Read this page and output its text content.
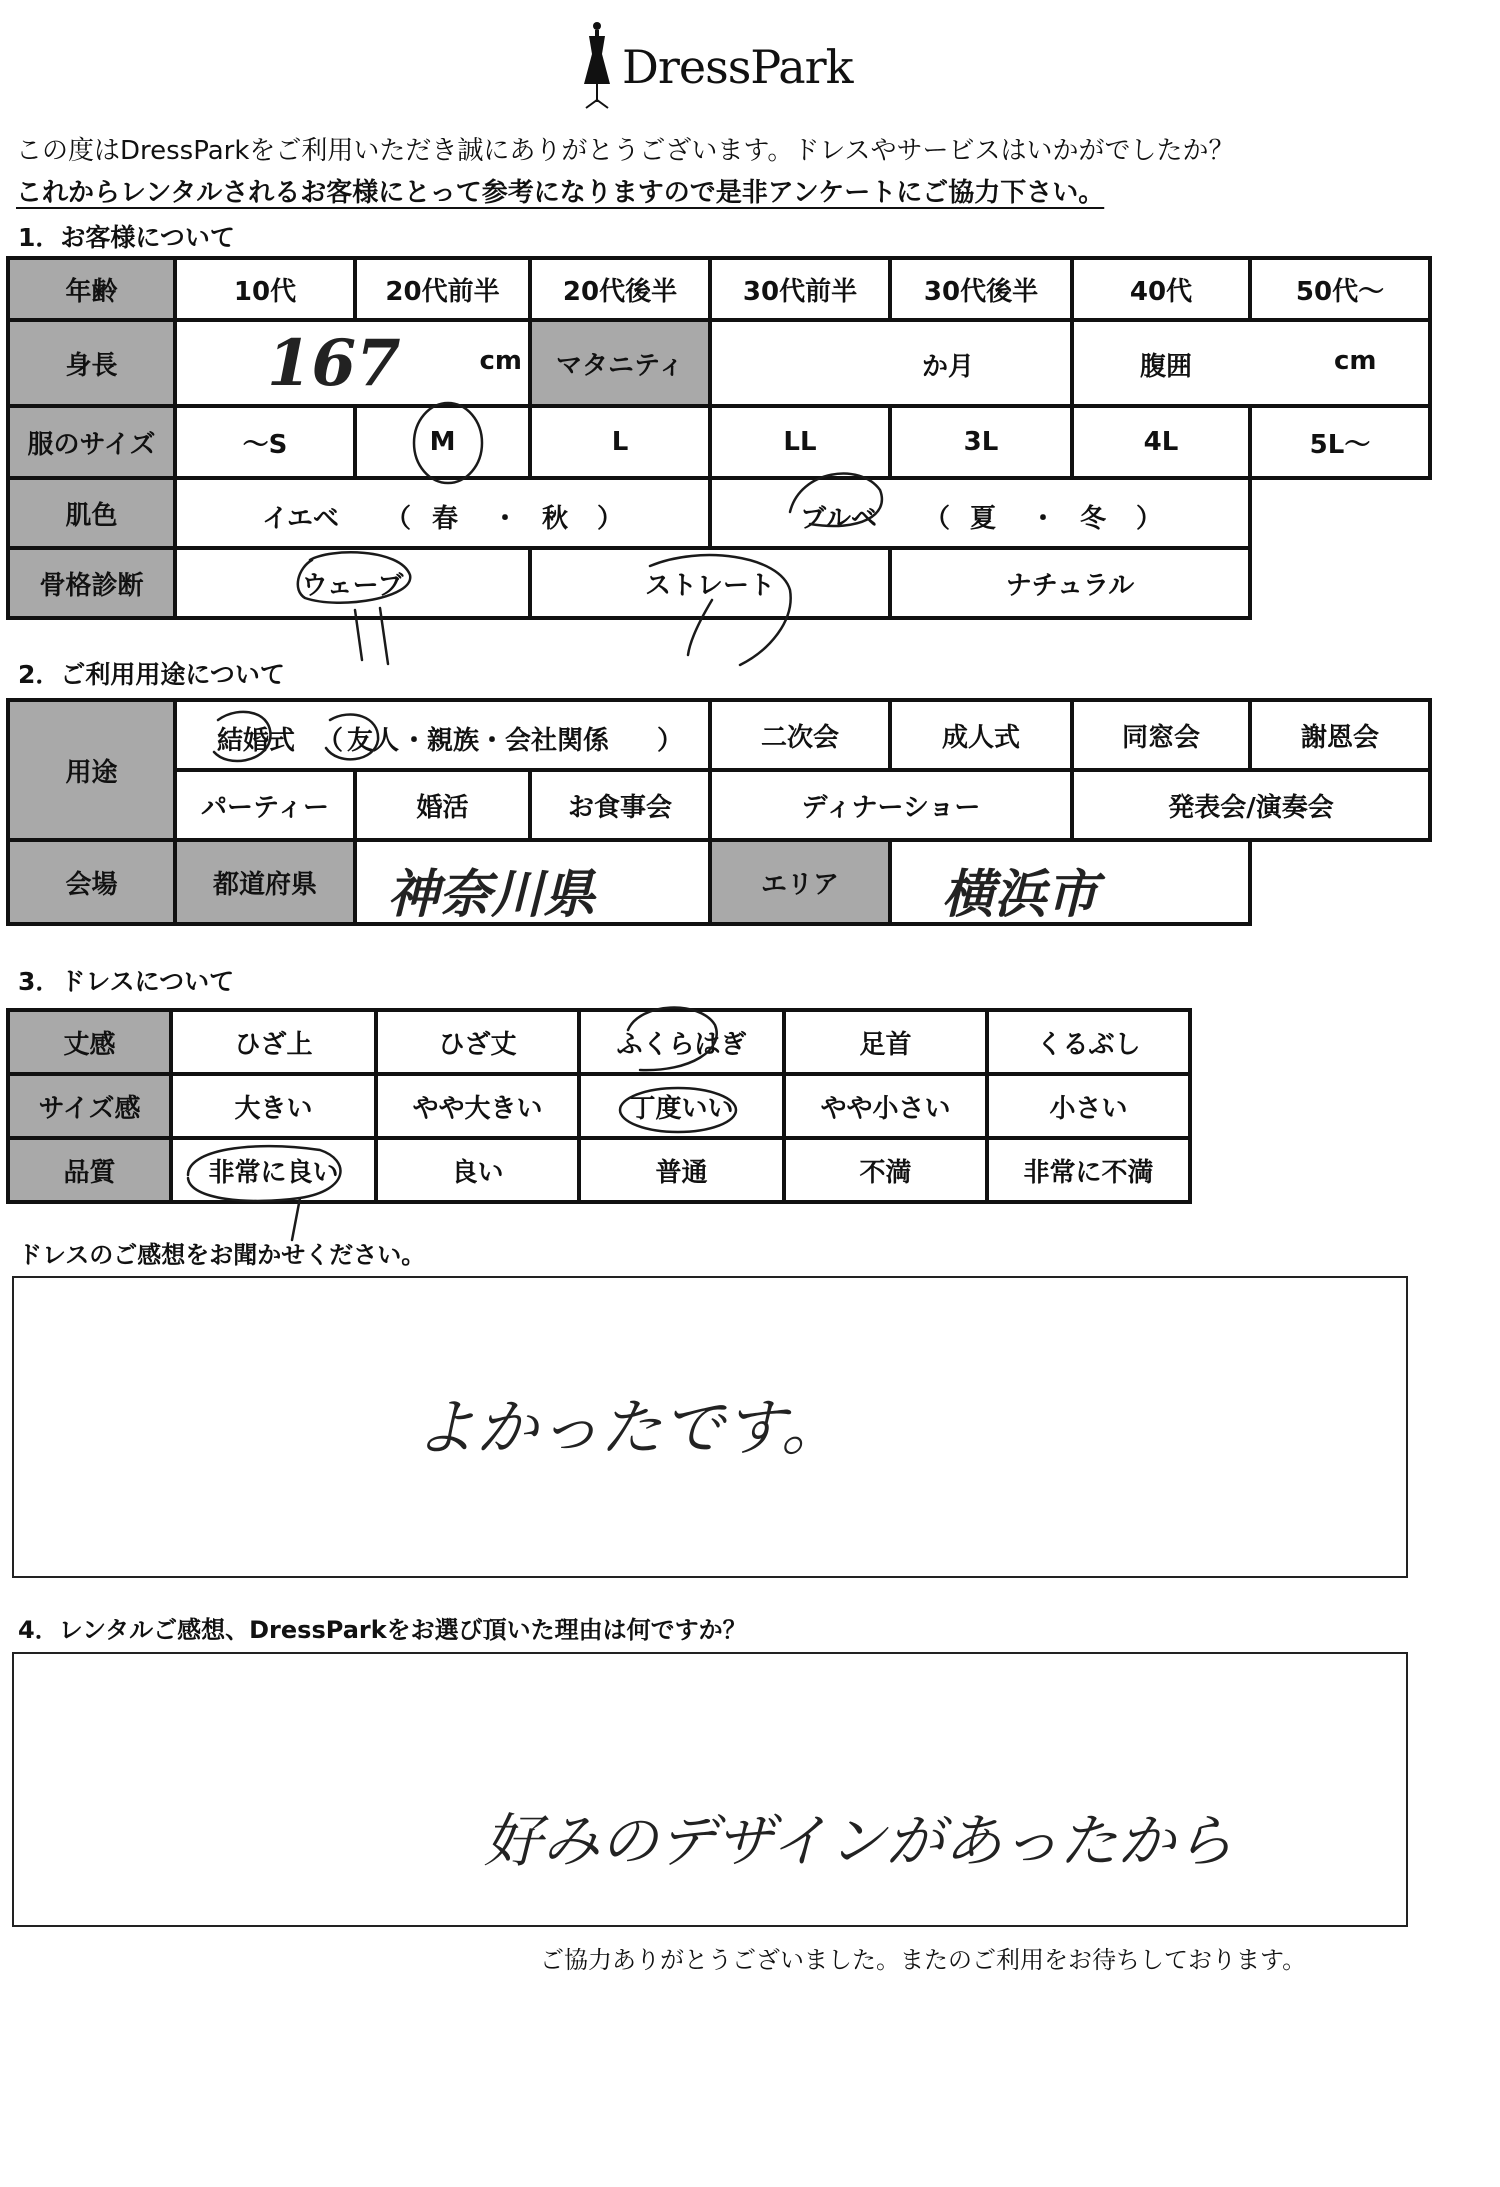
DressPark
この度はDressParkをご利用いただき誠にありがとうございます。ドレスやサービスはいかがでしたか？
これからレンタルされるお客様にとって参考になりますので是非アンケートにご協力下さい。
1．お客様について
年齢	10代	20代前半	20代後半	30代前半	30代後半	40代	50代～
身長	167	cm	マタニティ	か月	腹囲	cm
服のサイズ	～S	M	L	LL	3L	4L	5L～
肌色	イエベ （ 春 ・ 秋 ）	ブルベ （ 夏 ・ 冬 ）
骨格診断	ウェーブ	ストレート	ナチュラル
2．ご利用用途について
用途
結婚式 （ 友人 ・親族・会社関係 ）	二次会	成人式	同窓会	謝恩会
パーティー	婚活	お食事会	ディナーショー	発表会/演奏会
会場	都道府県	神奈川県	エリア	横浜市
3．ドレスについて
丈感	ひざ上	ひざ丈	ふくらはぎ	足首	くるぶし
サイズ感	大きい	やや大きい	丁度いい	やや小さい	小さい
品質	非常に良い	良い	普通	不満	非常に不満
ドレスのご感想をお聞かせください。
よかったです。
4．レンタルご感想、DressParkをお選び頂いた理由は何ですか？
好みのデザインがあったから
ご協力ありがとうございました。またのご利用をお待ちしております。
